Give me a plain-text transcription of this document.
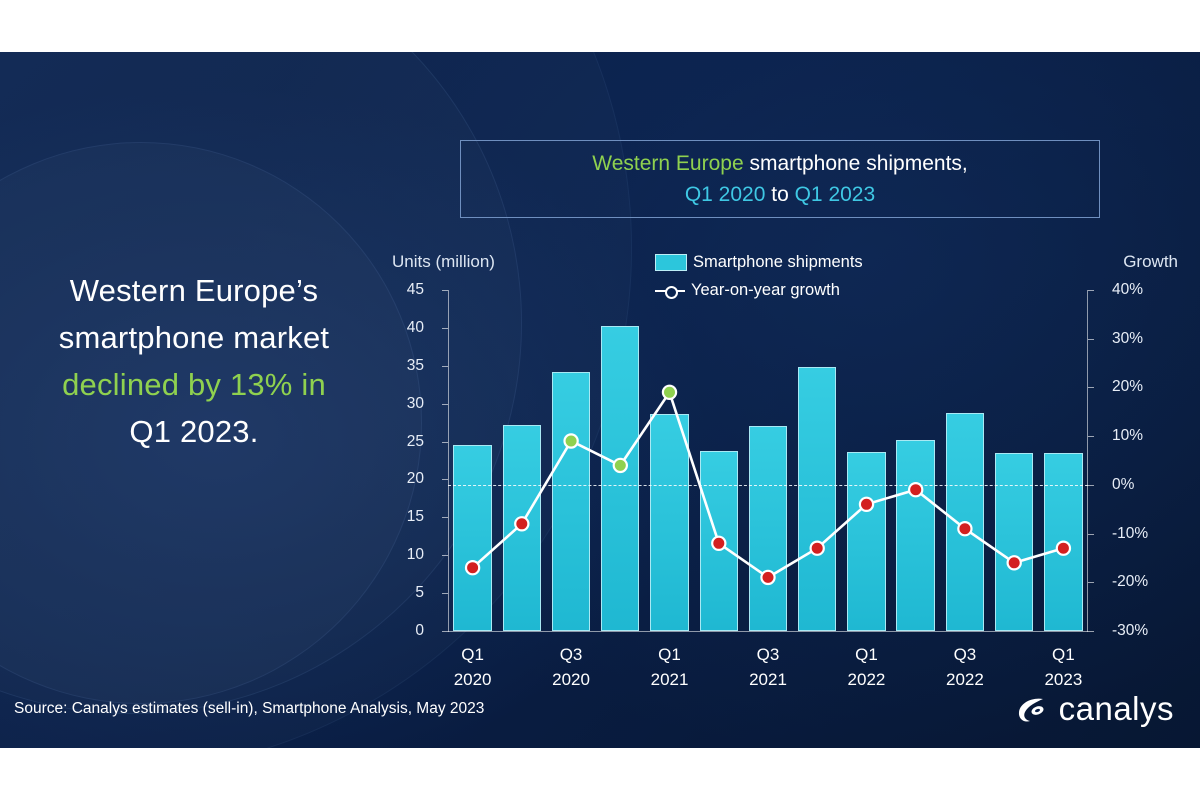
Western Europe’s
smartphone market
declined by 13% in
Q1 2023.
Western Europe smartphone shipments,
Q1 2020 to Q1 2023
Units (million)	Growth
Smartphone shipments
Year-on-year growth
0
5
10
15
20
25
30
35
40
45
-30%
-20%
-10%
0%
10%
20%
30%
40%
Q1
2020
Q3
2020
Q1
2021
Q3
2021
Q1
2022
Q3
2022
Q1
2023
Source: Canalys estimates (sell-in), Smartphone Analysis, May 2023	canalys
